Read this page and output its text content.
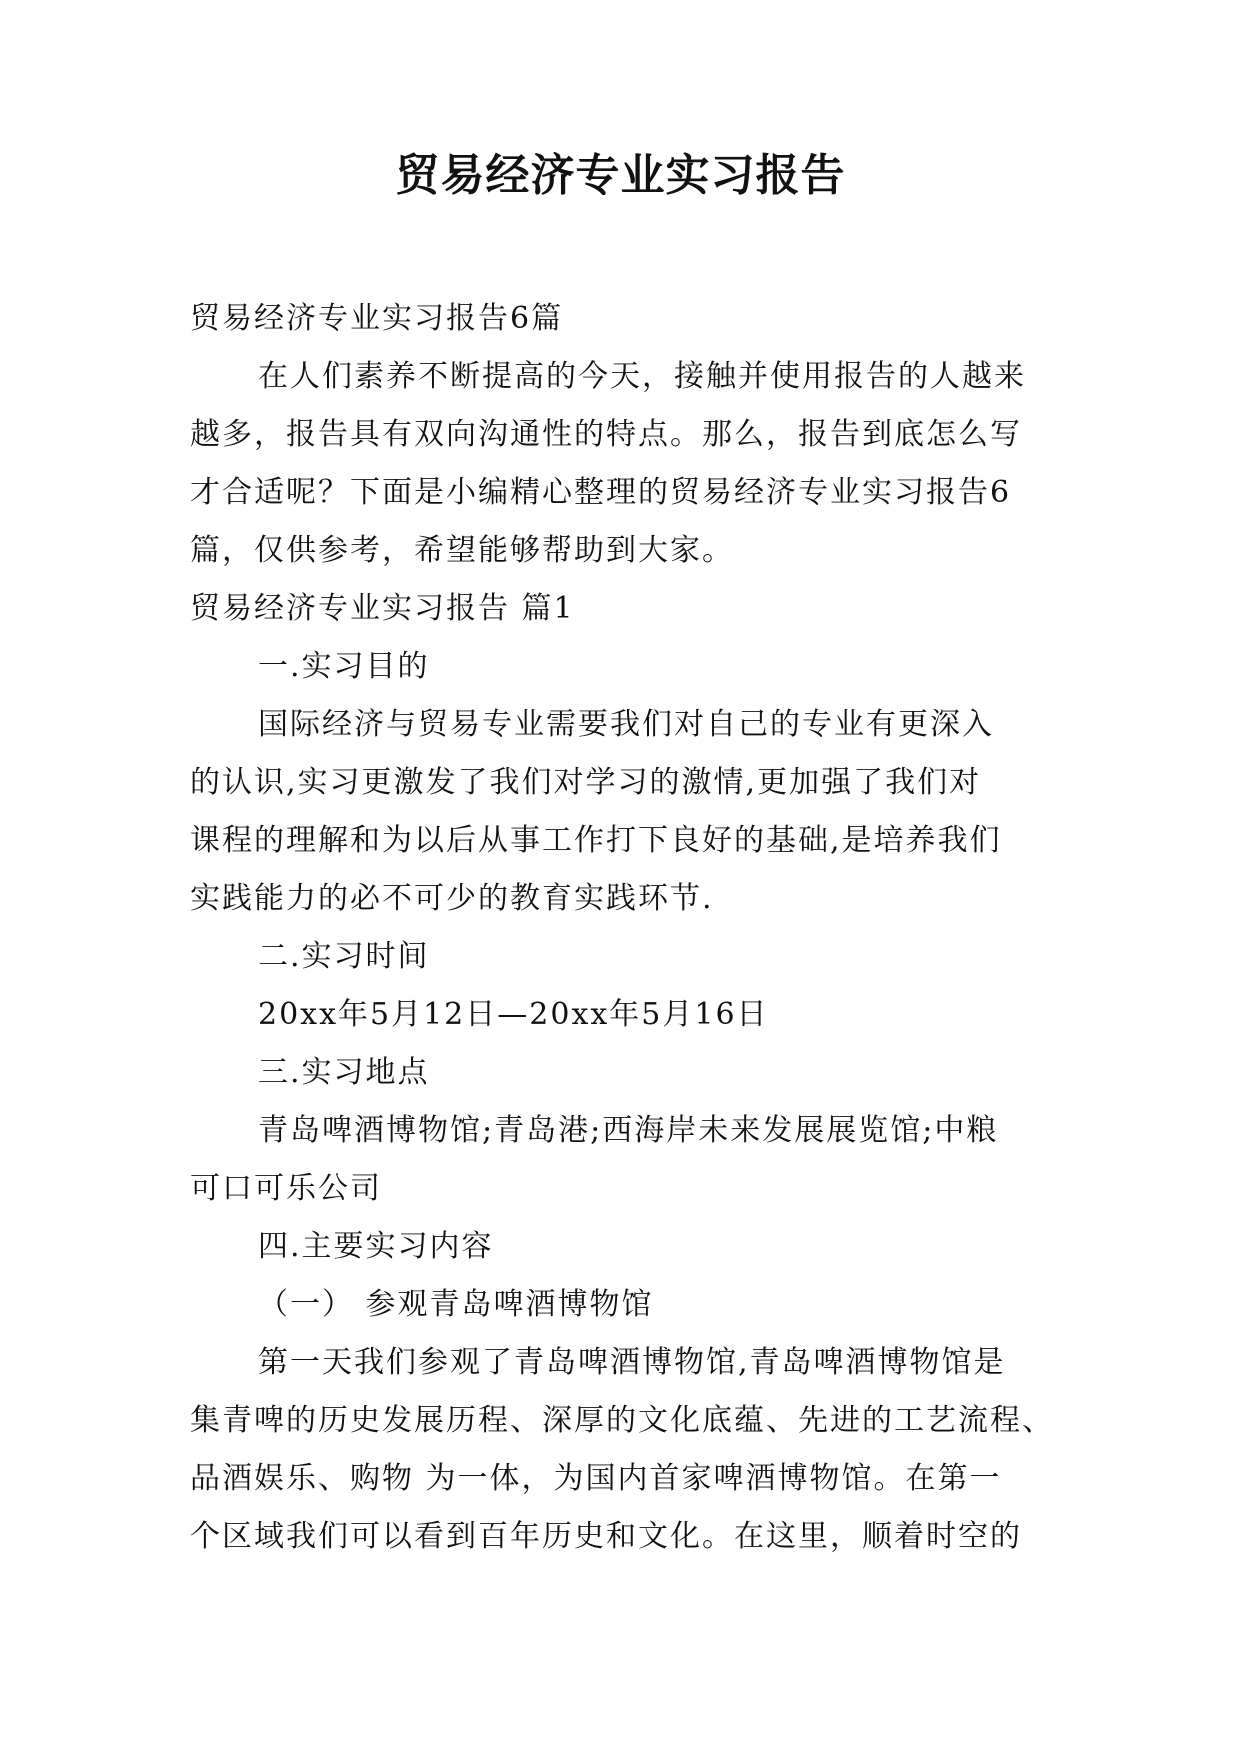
贸易经济专业实习报告
贸易经济专业实习报告6篇
在人们素养不断提高的今天，接触并使用报告的人越来
越多，报告具有双向沟通性的特点。那么，报告到底怎么写
才合适呢？下面是小编精心整理的贸易经济专业实习报告6
篇，仅供参考，希望能够帮助到大家。
贸易经济专业实习报告 篇1
一.实习目的
国际经济与贸易专业需要我们对自己的专业有更深入
的认识,实习更激发了我们对学习的激情,更加强了我们对
课程的理解和为以后从事工作打下良好的基础,是培养我们
实践能力的必不可少的教育实践环节.
二.实习时间
20xx年5月12日—20xx年5月16日
三.实习地点
青岛啤酒博物馆;青岛港;西海岸未来发展展览馆;中粮
可口可乐公司
四.主要实习内容
（一） 参观青岛啤酒博物馆
第一天我们参观了青岛啤酒博物馆,青岛啤酒博物馆是
集青啤的历史发展历程、深厚的文化底蕴、先进的工艺流程、
品酒娱乐、购物 为一体，为国内首家啤酒博物馆。在第一
个区域我们可以看到百年历史和文化。在这里，顺着时空的
